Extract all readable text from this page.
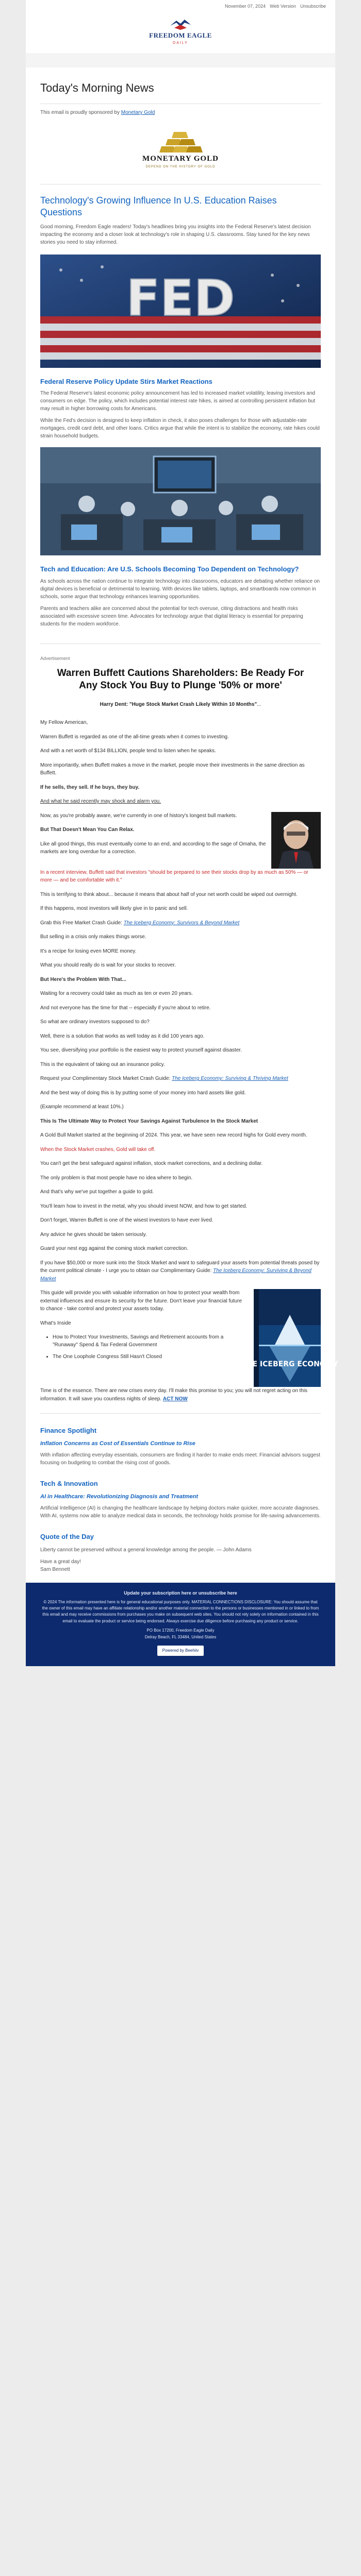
November 07, 2024 Web Version Unsubscribe
FREEDOM EAGLE
DAILY
Today's Morning News

This email is proudly sponsored by Monetary Gold

MONETARY GOLD
DEPEND ON THE HISTORY OF GOLD
Technology's Growing Influence In U.S. Education Raises Questions

Good morning, Freedom Eagle readers! Today's headlines bring you insights into the Federal Reserve's latest decision impacting the economy and a closer look at technology's role in shaping U.S. classrooms. Stay tuned for the key news stories you need to stay informed.

FED
Federal Reserve Policy Update Stirs Market Reactions

The Federal Reserve's latest economic policy announcement has led to increased market volatility, leaving investors and consumers on edge. The policy, which includes potential interest rate hikes, is aimed at controlling persistent inflation but may result in higher borrowing costs for Americans.

While the Fed's decision is designed to keep inflation in check, it also poses challenges for those with adjustable-rate mortgages, credit card debt, and other loans. Critics argue that while the intent is to stabilize the economy, rate hikes could strain household budgets.

Tech and Education: Are U.S. Schools Becoming Too Dependent on Technology?

As schools across the nation continue to integrate technology into classrooms, educators are debating whether reliance on digital devices is beneficial or detrimental to learning. With devices like tablets, laptops, and smartboards now common in schools, some argue that technology enhances learning opportunities.

Parents and teachers alike are concerned about the potential for tech overuse, citing distractions and health risks associated with excessive screen time. Advocates for technology argue that digital literacy is essential for preparing students for the modern workforce.

Advertisement
Warren Buffett Cautions Shareholders: Be Ready For Any Stock You Buy to Plunge '50% or more'
Harry Dent: "Huge Stock Market Crash Likely Within 10 Months"...

My Fellow American,

Warren Buffett is regarded as one of the all-time greats when it comes to investing.

And with a net worth of $134 BILLION, people tend to listen when he speaks.

More importantly, when Buffett makes a move in the market, people move their investments in the same direction as Buffett.

If he sells, they sell. If he buys, they buy.

And what he said recently may shock and alarm you.

Now, as you're probably aware, we're currently in one of history's longest bull markets.

But That Doesn't Mean You Can Relax.

Like all good things, this must eventually come to an end, and according to the sage of Omaha, the markets are long overdue for a correction.

In a recent interview, Buffett said that investors "should be prepared to see their stocks drop by as much as 50% — or more — and be comfortable with it."

This is terrifying to think about... because it means that about half of your net worth could be wiped out overnight.

If this happens, most investors will likely give in to panic and sell.

Grab this Free Market Crash Guide: The Iceberg Economy: Survivors & Beyond Market

But selling in a crisis only makes things worse.

It's a recipe for losing even MORE money.

What you should really do is wait for your stocks to recover.

But Here's the Problem With That...

Waiting for a recovery could take as much as ten or even 20 years.

And not everyone has the time for that -- especially if you're about to retire.

So what are ordinary investors supposed to do?

Well, there is a solution that works as well today as it did 100 years ago.

You see, diversifying your portfolio is the easiest way to protect yourself against disaster.

This is the equivalent of taking out an insurance policy.

Request your Complimentary Stock Market Crash Guide: The Iceberg Economy: Surviving & Thriving Market

And the best way of doing this is by putting some of your money into hard assets like gold.

(Example recommend at least 10%.)

This Is The Ultimate Way to Protect Your Savings Against Turbulence In the Stock Market

A Gold Bull Market started at the beginning of 2024. This year, we have seen new record highs for Gold every month.

When the Stock Market crashes, Gold will take off.

You can't get the best safeguard against inflation, stock market corrections, and a declining dollar.

The only problem is that most people have no idea where to begin.

And that's why we've put together a guide to gold.

You'll learn how to invest in the metal, why you should invest NOW, and how to get started.

Don't forget, Warren Buffett is one of the wisest investors to have ever lived.

Any advice he gives should be taken seriously.

Guard your nest egg against the coming stock market correction.

If you have $50,000 or more sunk into the Stock Market and want to safeguard your assets from potential threats posed by the current political climate - I urge you to obtain our Complimentary Guide: The Iceberg Economy: Surviving & Beyond Market

This guide will provide you with valuable information on how to protect your wealth from external influences and ensure its security for the future. Don't leave your financial future to chance - take control and protect your assets today.

What's Inside

• How to Protect Your Investments, Savings and Retirement accounts from a "Runaway" Spend & Tax Federal Government
• The One Loophole Congress Still Hasn't Closed
THE ICEBERG ECONOMY

Time is of the essence. There are new crises every day. I'll make this promise to you; you will not regret acting on this information. It will save you countless nights of sleep. ACT NOW

Finance Spotlight
Inflation Concerns as Cost of Essentials Continue to Rise

With inflation affecting everyday essentials, consumers are finding it harder to make ends meet. Financial advisors suggest focusing on budgeting to combat the rising cost of goods.

Tech & Innovation
AI in Healthcare: Revolutionizing Diagnosis and Treatment

Artificial Intelligence (AI) is changing the healthcare landscape by helping doctors make quicker, more accurate diagnoses. With AI, systems now able to analyze medical data in seconds, the technology holds promise for life-saving advancements.

Quote of the Day

Liberty cannot be preserved without a general knowledge among the people. — John Adams

Have a great day!

Sam Bennett

Update your subscription here or unsubscribe here
© 2024 The information presented here is for general educational purposes only. MATERIAL CONNECTIONS DISCLOSURE: You should assume that the owner of this email may have an affiliate relationship and/or another material connection to the persons or businesses mentioned in or linked to from this email and may receive commissions from purchases you make on subsequent web sites. You should not rely solely on information contained in this email to evaluate the product or service being endorsed. Always exercise due diligence before purchasing any product or service.
PO Box 17200, Freedom Eagle Daily
Delray Beach, FL 33484, United States
Powered by Beehiiv
